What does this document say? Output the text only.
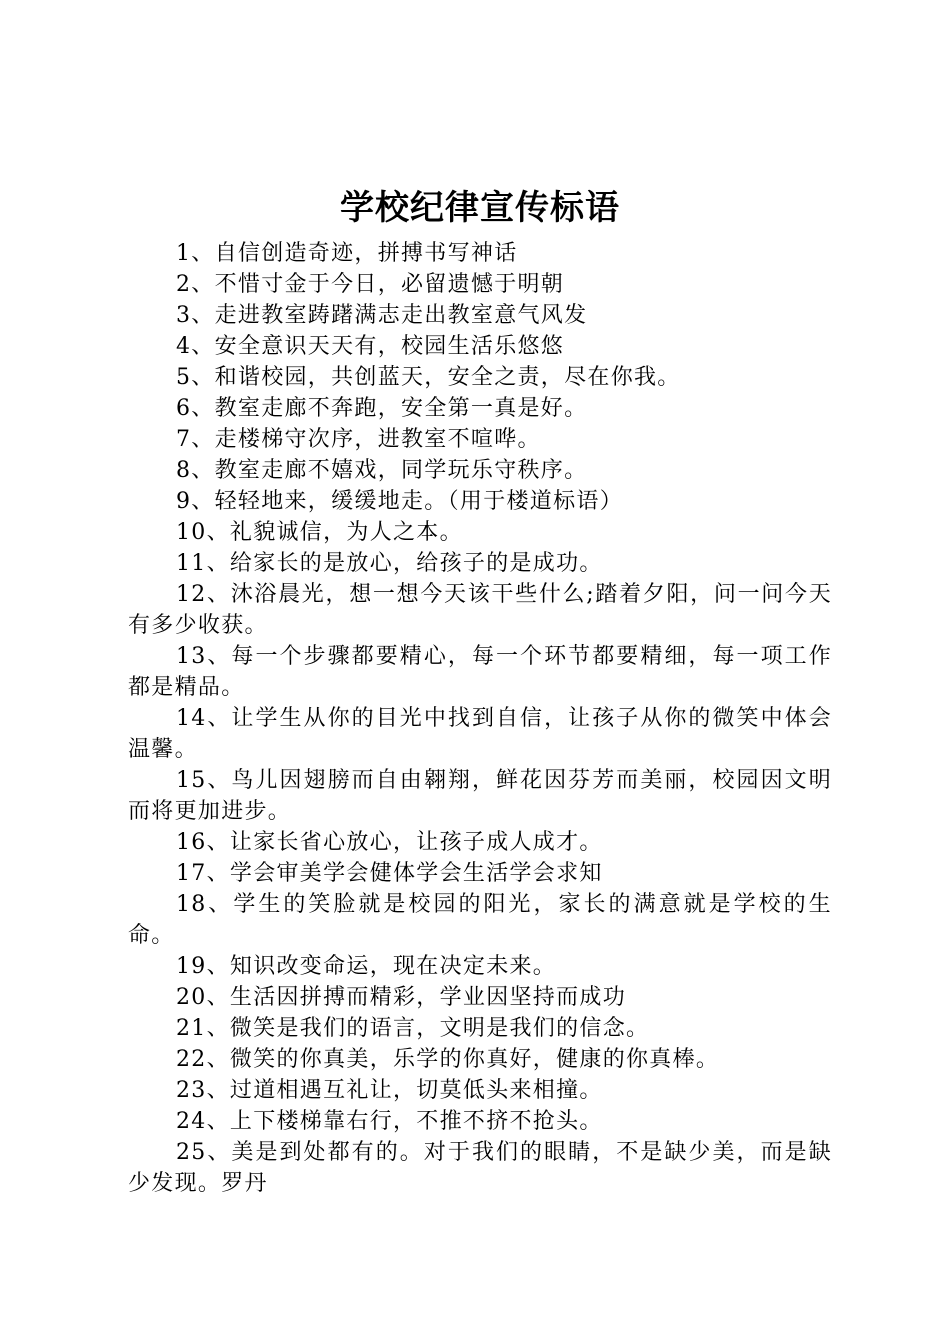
学校纪律宣传标语
1、自信创造奇迹，拼搏书写神话
2、不惜寸金于今日，必留遗憾于明朝
3、走进教室踌躇满志走出教室意气风发
4、安全意识天天有，校园生活乐悠悠
5、和谐校园，共创蓝天，安全之责，尽在你我。
6、教室走廊不奔跑，安全第一真是好。
7、走楼梯守次序，进教室不喧哗。
8、教室走廊不嬉戏，同学玩乐守秩序。
9、轻轻地来，缓缓地走。（用于楼道标语）
10、礼貌诚信，为人之本。
11、给家长的是放心，给孩子的是成功。
12、沐浴晨光，想一想今天该干些什么;踏着夕阳，问一问今天有多少收获。
13、每一个步骤都要精心，每一个环节都要精细，每一项工作都是精品。
14、让学生从你的目光中找到自信，让孩子从你的微笑中体会温馨。
15、鸟儿因翅膀而自由翱翔，鲜花因芬芳而美丽，校园因文明而将更加进步。
16、让家长省心放心，让孩子成人成才。
17、学会审美学会健体学会生活学会求知
18、学生的笑脸就是校园的阳光，家长的满意就是学校的生命。
19、知识改变命运，现在决定未来。
20、生活因拼搏而精彩，学业因坚持而成功
21、微笑是我们的语言，文明是我们的信念。
22、微笑的你真美，乐学的你真好，健康的你真棒。
23、过道相遇互礼让，切莫低头来相撞。
24、上下楼梯靠右行，不推不挤不抢头。
25、美是到处都有的。对于我们的眼睛，不是缺少美，而是缺少发现。罗丹
